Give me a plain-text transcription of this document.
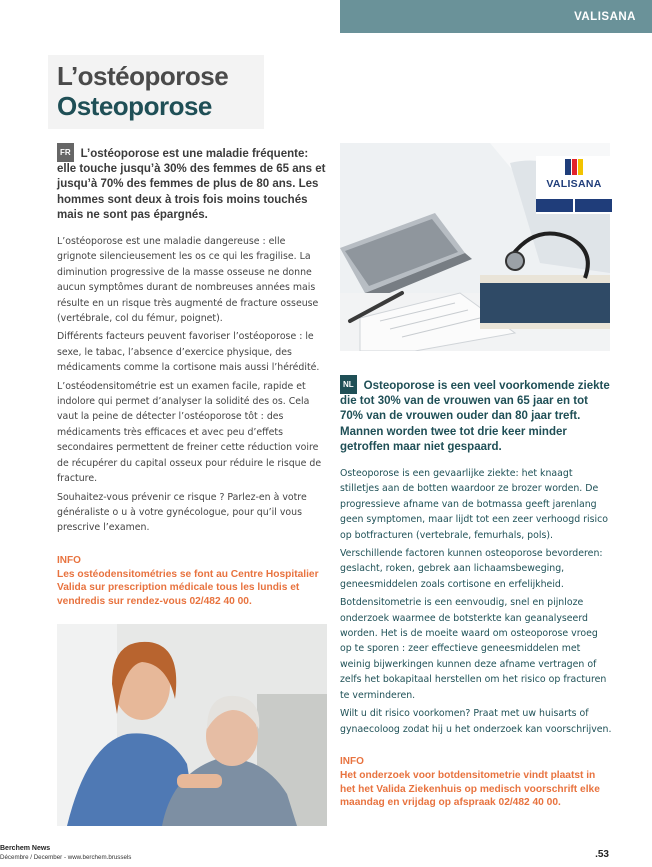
VALISANA
L’ostéoporose
Osteoporose
FR L’ostéoporose est une maladie fréquente: elle touche jusqu’à 30% des femmes de 65 ans et jusqu’à 70% des femmes de plus de 80 ans. Les hommes sont deux à trois fois moins touchés mais ne sont pas épargnés.

L’ostéoporose est une maladie dangereuse : elle grignote silencieusement les os ce qui les fragilise. La diminution progressive de la masse osseuse ne donne aucun symptômes durant de nombreuses années mais résulte en un risque très augmenté de fracture osseuse (vertébrale, col du fémur, poignet).

Différents facteurs peuvent favoriser l’ostéoporose : le sexe, le tabac, l’absence d’exercice physique, des médicaments comme la cortisone mais aussi l’hérédité.

L’ostéodensitométrie est un examen facile, rapide et indolore qui permet d’analyser la solidité des os. Cela vaut la peine de détecter l’ostéoporose tôt : des médicaments très efficaces et avec peu d’effets secondaires permettent de freiner cette réduction voire de récupérer du capital osseux pour réduire le risque de fracture.

Souhaitez-vous prévenir ce risque ? Parlez-en à votre généraliste o u à votre gynécologue, pour qu’il vous prescrive l’examen.

INFO
Les ostéodensitométries se font au Centre Hospitalier Valida sur prescription médicale tous les lundis et vendredis sur rendez-vous 02/482 40 00.
VALISANA
NL Osteoporose is een veel voorkomende ziekte die tot 30% van de vrouwen van 65 jaar en tot 70% van de vrouwen ouder dan 80 jaar treft. Mannen worden twee tot drie keer minder getroffen maar niet gespaard.

Osteoporose is een gevaarlijke ziekte: het knaagt stilletjes aan de botten waardoor ze brozer worden. De progressieve afname van de botmassa geeft jarenlang geen symptomen, maar lijdt tot een zeer verhoogd risico op botfracturen (vertebrale, femurhals, pols).

Verschillende factoren kunnen osteoporose bevorderen: geslacht, roken, gebrek aan lichaamsbeweging, geneesmiddelen zoals cortisone en erfelijkheid.

Botdensitometrie is een eenvoudig, snel en pijnloze onderzoek waarmee de botsterkte kan geanalyseerd worden. Het is de moeite waard om osteoporose vroeg op te sporen : zeer effectieve geneesmiddelen met weinig bijwerkingen kunnen deze afname vertragen of zelfs het bokapitaal herstellen om het risico op fracturen te verminderen.

Wilt u dit risico voorkomen? Praat met uw huisarts of gynaecoloog zodat hij u het onderzoek kan voorschrijven.

INFO
Het onderzoek voor botdensitometrie vindt plaatst in het het Valida Ziekenhuis op medisch voorschrift elke maandag en vrijdag op afspraak 02/482 40 00.
Berchem News
Décembre / December - www.berchem.brussels	.53
